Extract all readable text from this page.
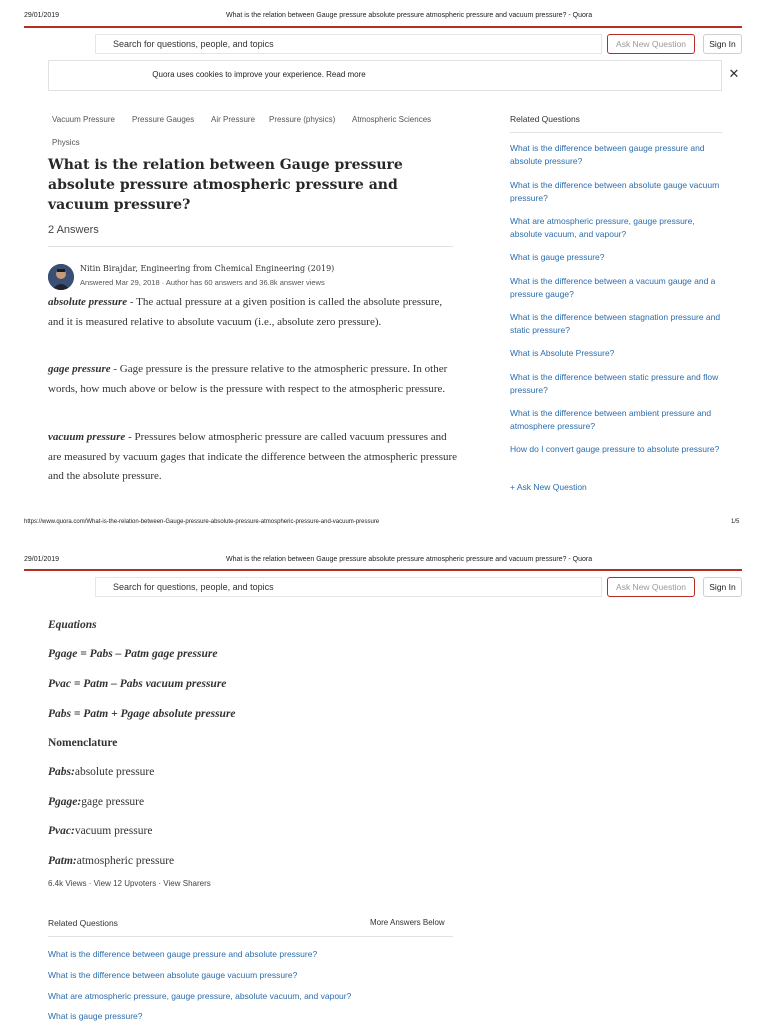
29/01/2019	What is the relation between Gauge pressure absolute pressure atmospheric pressure and vacuum pressure? - Quora
Search for questions, people, and topics	Ask New Question	Sign In
Quora uses cookies to improve your experience. Read more	✕
Vacuum Pressure Pressure Gauges Air Pressure Pressure (physics) Atmospheric Sciences
Physics
What is the relation between Gauge pressure absolute pressure atmospheric pressure and vacuum pressure?
2 Answers
Nitin Birajdar, Engineering from Chemical Engineering (2019)
Answered Mar 29, 2018 · Author has 60 answers and 36.8k answer views
absolute pressure - The actual pressure at a given position is called the absolute pressure, and it is measured relative to absolute vacuum (i.e., absolute zero pressure).
gage pressure - Gage pressure is the pressure relative to the atmospheric pressure. In other words, how much above or below is the pressure with respect to the atmospheric pressure.
vacuum pressure - Pressures below atmospheric pressure are called vacuum pressures and are measured by vacuum gages that indicate the difference between the atmospheric pressure and the absolute pressure.
Related Questions
What is the difference between gauge pressure and absolute pressure?
What is the difference between absolute gauge vacuum pressure?
What are atmospheric pressure, gauge pressure, absolute vacuum, and vapour?
What is gauge pressure?
What is the difference between a vacuum gauge and a pressure gauge?
What is the difference between stagnation pressure and static pressure?
What is Absolute Pressure?
What is the difference between static pressure and flow pressure?
What is the difference between ambient pressure and atmosphere pressure?
How do I convert gauge pressure to absolute pressure?
+ Ask New Question
https://www.quora.com/What-is-the-relation-between-Gauge-pressure-absolute-pressure-atmospheric-pressure-and-vacuum-pressure	1/5
29/01/2019	What is the relation between Gauge pressure absolute pressure atmospheric pressure and vacuum pressure? - Quora
Search for questions, people, and topics	Ask New Question	Sign In
Equations
Pgage = Pabs – Patm gage pressure
Pvac = Patm – Pabs vacuum pressure
Pabs = Patm + Pgage absolute pressure
Nomenclature
Pabs:absolute pressure
Pgage:gage pressure
Pvac:vacuum pressure
Patm:atmospheric pressure
6.4k Views · View 12 Upvoters · View Sharers
Related Questions	More Answers Below
What is the difference between gauge pressure and absolute pressure?
What is the difference between absolute gauge vacuum pressure?
What are atmospheric pressure, gauge pressure, absolute vacuum, and vapour?
What is gauge pressure?
